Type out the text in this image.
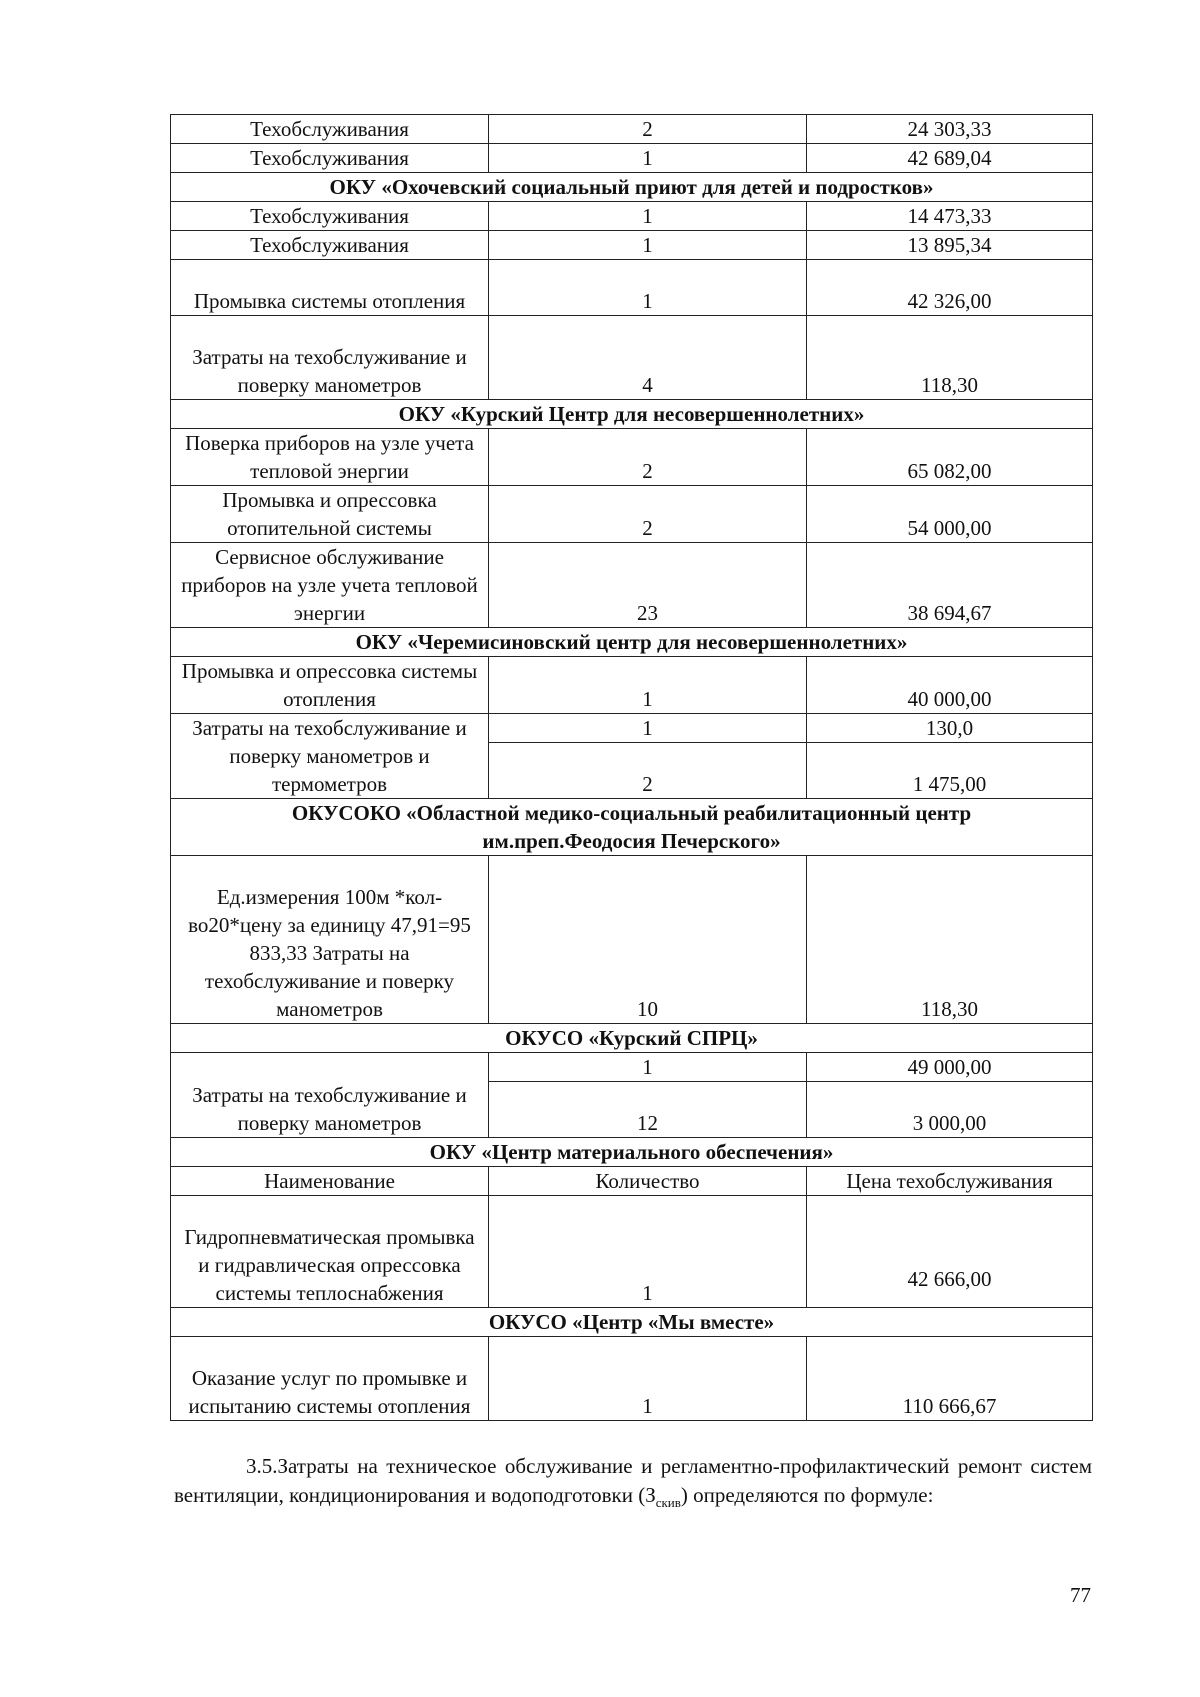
Техобслуживания	2	24 303,33
Техобслуживания	1	42 689,04
ОКУ «Охочевский социальный приют для детей и подростков»		
Техобслуживания	1	14 473,33
Техобслуживания	1	13 895,34
Промывка системы отопления	1	42 326,00
Затраты на техобслуживание и поверку манометров	4	118,30
ОКУ «Курский Центр для несовершеннолетних»		
Поверка приборов на узле учета тепловой энергии	2	65 082,00
Промывка и опрессовка отопительной системы	2	54 000,00
Сервисное обслуживание приборов на узле учета тепловой энергии	23	38 694,67
ОКУ «Черемисиновский центр для несовершеннолетних»		
Промывка и опрессовка системы отопления	1	40 000,00
Затраты на техобслуживание и поверку манометров и термометров	1	130,0
	2	1 475,00
ОКУСОКО «Областной медико-социальный реабилитационный центр им.преп.Феодосия Печерского»		
Ед.измерения 100м *кол-во20*цену за единицу 47,91=95 833,33 Затраты на техобслуживание и поверку манометров	10	118,30
ОКУСО «Курский СПРЦ»		
Затраты на техобслуживание и поверку манометров	1	49 000,00
	12	3 000,00
ОКУ «Центр материального обеспечения»		
Наименование	Количество	Цена техобслуживания
Гидропневматическая промывка и гидравлическая опрессовка системы теплоснабжения	1	42 666,00
ОКУСО «Центр «Мы вместе»		
Оказание услуг по промывке и испытанию системы отопления	1	110 666,67

3.5.Затраты на техническое обслуживание и регламентно-профилактический ремонт систем вентиляции, кондиционирования и водоподготовки $(З_{скив})$ определяются по формуле:

77
